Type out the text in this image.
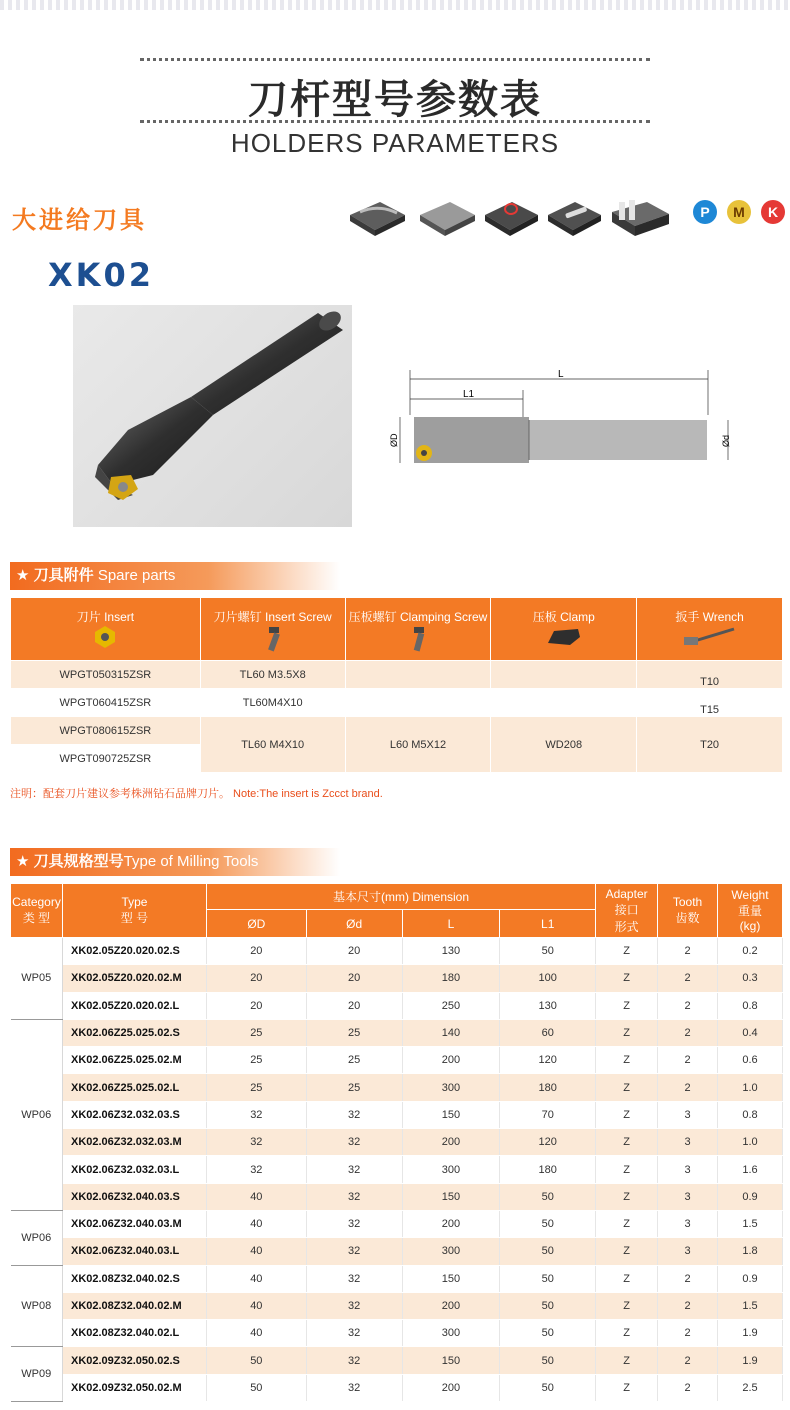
刀杆型号参数表
HOLDERS PARAMETERS
大进给刀具
XK02
P	M	K
L
L1
ØD	Ød
★ 刀具附件 Spare parts
刀片 Insert	刀片螺钉 Insert Screw	压板螺钉 Clamping Screw	压板 Clamp	扳手 Wrench

WPGT050315ZSR	TL60 M3.5X8			T10
WPGT060415ZSR	TL60M4X10			T15
WPGT080615ZSR	TL60 M4X10	L60 M5X12	WD208	T20
WPGT090725ZSR				
注明：配套刀片建议参考株洲钻石品牌刀片。 Note:The insert is Zccct brand.
★ 刀具规格型号Type of Milling Tools
Category
类 型	Type
型 号	基本尺寸(mm) Dimension				Adapter
接口
形式	Tooth
齿数	Weight
重量
(kg)
		ØD	Ød	L	L1			
WP05	XK02.05Z20.020.02.S	20	20	130	50	Z	2	0.2
	XK02.05Z20.020.02.M	20	20	180	100	Z	2	0.3
	XK02.05Z20.020.02.L	20	20	250	130	Z	2	0.8
WP06	XK02.06Z25.025.02.S	25	25	140	60	Z	2	0.4
	XK02.06Z25.025.02.M	25	25	200	120	Z	2	0.6
	XK02.06Z25.025.02.L	25	25	300	180	Z	2	1.0
	XK02.06Z32.032.03.S	32	32	150	70	Z	3	0.8
	XK02.06Z32.032.03.M	32	32	200	120	Z	3	1.0
	XK02.06Z32.032.03.L	32	32	300	180	Z	3	1.6
	XK02.06Z32.040.03.S	40	32	150	50	Z	3	0.9
WP06	XK02.06Z32.040.03.M	40	32	200	50	Z	3	1.5
	XK02.06Z32.040.03.L	40	32	300	50	Z	3	1.8
WP08	XK02.08Z32.040.02.S	40	32	150	50	Z	2	0.9
	XK02.08Z32.040.02.M	40	32	200	50	Z	2	1.5
	XK02.08Z32.040.02.L	40	32	300	50	Z	2	1.9
WP09	XK02.09Z32.050.02.S	50	32	150	50	Z	2	1.9
	XK02.09Z32.050.02.M	50	32	200	50	Z	2	2.5
